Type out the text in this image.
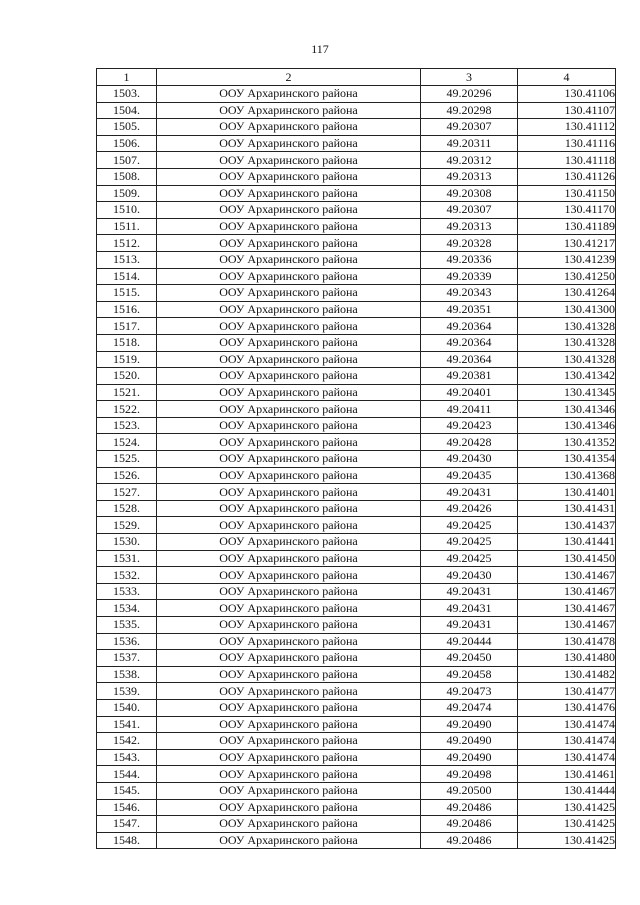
117
1	2	3	4
1503.	ООУ Архаринского района	49.20296	130.41106
1504.	ООУ Архаринского района	49.20298	130.41107
1505.	ООУ Архаринского района	49.20307	130.41112
1506.	ООУ Архаринского района	49.20311	130.41116
1507.	ООУ Архаринского района	49.20312	130.41118
1508.	ООУ Архаринского района	49.20313	130.41126
1509.	ООУ Архаринского района	49.20308	130.41150
1510.	ООУ Архаринского района	49.20307	130.41170
1511.	ООУ Архаринского района	49.20313	130.41189
1512.	ООУ Архаринского района	49.20328	130.41217
1513.	ООУ Архаринского района	49.20336	130.41239
1514.	ООУ Архаринского района	49.20339	130.41250
1515.	ООУ Архаринского района	49.20343	130.41264
1516.	ООУ Архаринского района	49.20351	130.41300
1517.	ООУ Архаринского района	49.20364	130.41328
1518.	ООУ Архаринского района	49.20364	130.41328
1519.	ООУ Архаринского района	49.20364	130.41328
1520.	ООУ Архаринского района	49.20381	130.41342
1521.	ООУ Архаринского района	49.20401	130.41345
1522.	ООУ Архаринского района	49.20411	130.41346
1523.	ООУ Архаринского района	49.20423	130.41346
1524.	ООУ Архаринского района	49.20428	130.41352
1525.	ООУ Архаринского района	49.20430	130.41354
1526.	ООУ Архаринского района	49.20435	130.41368
1527.	ООУ Архаринского района	49.20431	130.41401
1528.	ООУ Архаринского района	49.20426	130.41431
1529.	ООУ Архаринского района	49.20425	130.41437
1530.	ООУ Архаринского района	49.20425	130.41441
1531.	ООУ Архаринского района	49.20425	130.41450
1532.	ООУ Архаринского района	49.20430	130.41467
1533.	ООУ Архаринского района	49.20431	130.41467
1534.	ООУ Архаринского района	49.20431	130.41467
1535.	ООУ Архаринского района	49.20431	130.41467
1536.	ООУ Архаринского района	49.20444	130.41478
1537.	ООУ Архаринского района	49.20450	130.41480
1538.	ООУ Архаринского района	49.20458	130.41482
1539.	ООУ Архаринского района	49.20473	130.41477
1540.	ООУ Архаринского района	49.20474	130.41476
1541.	ООУ Архаринского района	49.20490	130.41474
1542.	ООУ Архаринского района	49.20490	130.41474
1543.	ООУ Архаринского района	49.20490	130.41474
1544.	ООУ Архаринского района	49.20498	130.41461
1545.	ООУ Архаринского района	49.20500	130.41444
1546.	ООУ Архаринского района	49.20486	130.41425
1547.	ООУ Архаринского района	49.20486	130.41425
1548.	ООУ Архаринского района	49.20486	130.41425
